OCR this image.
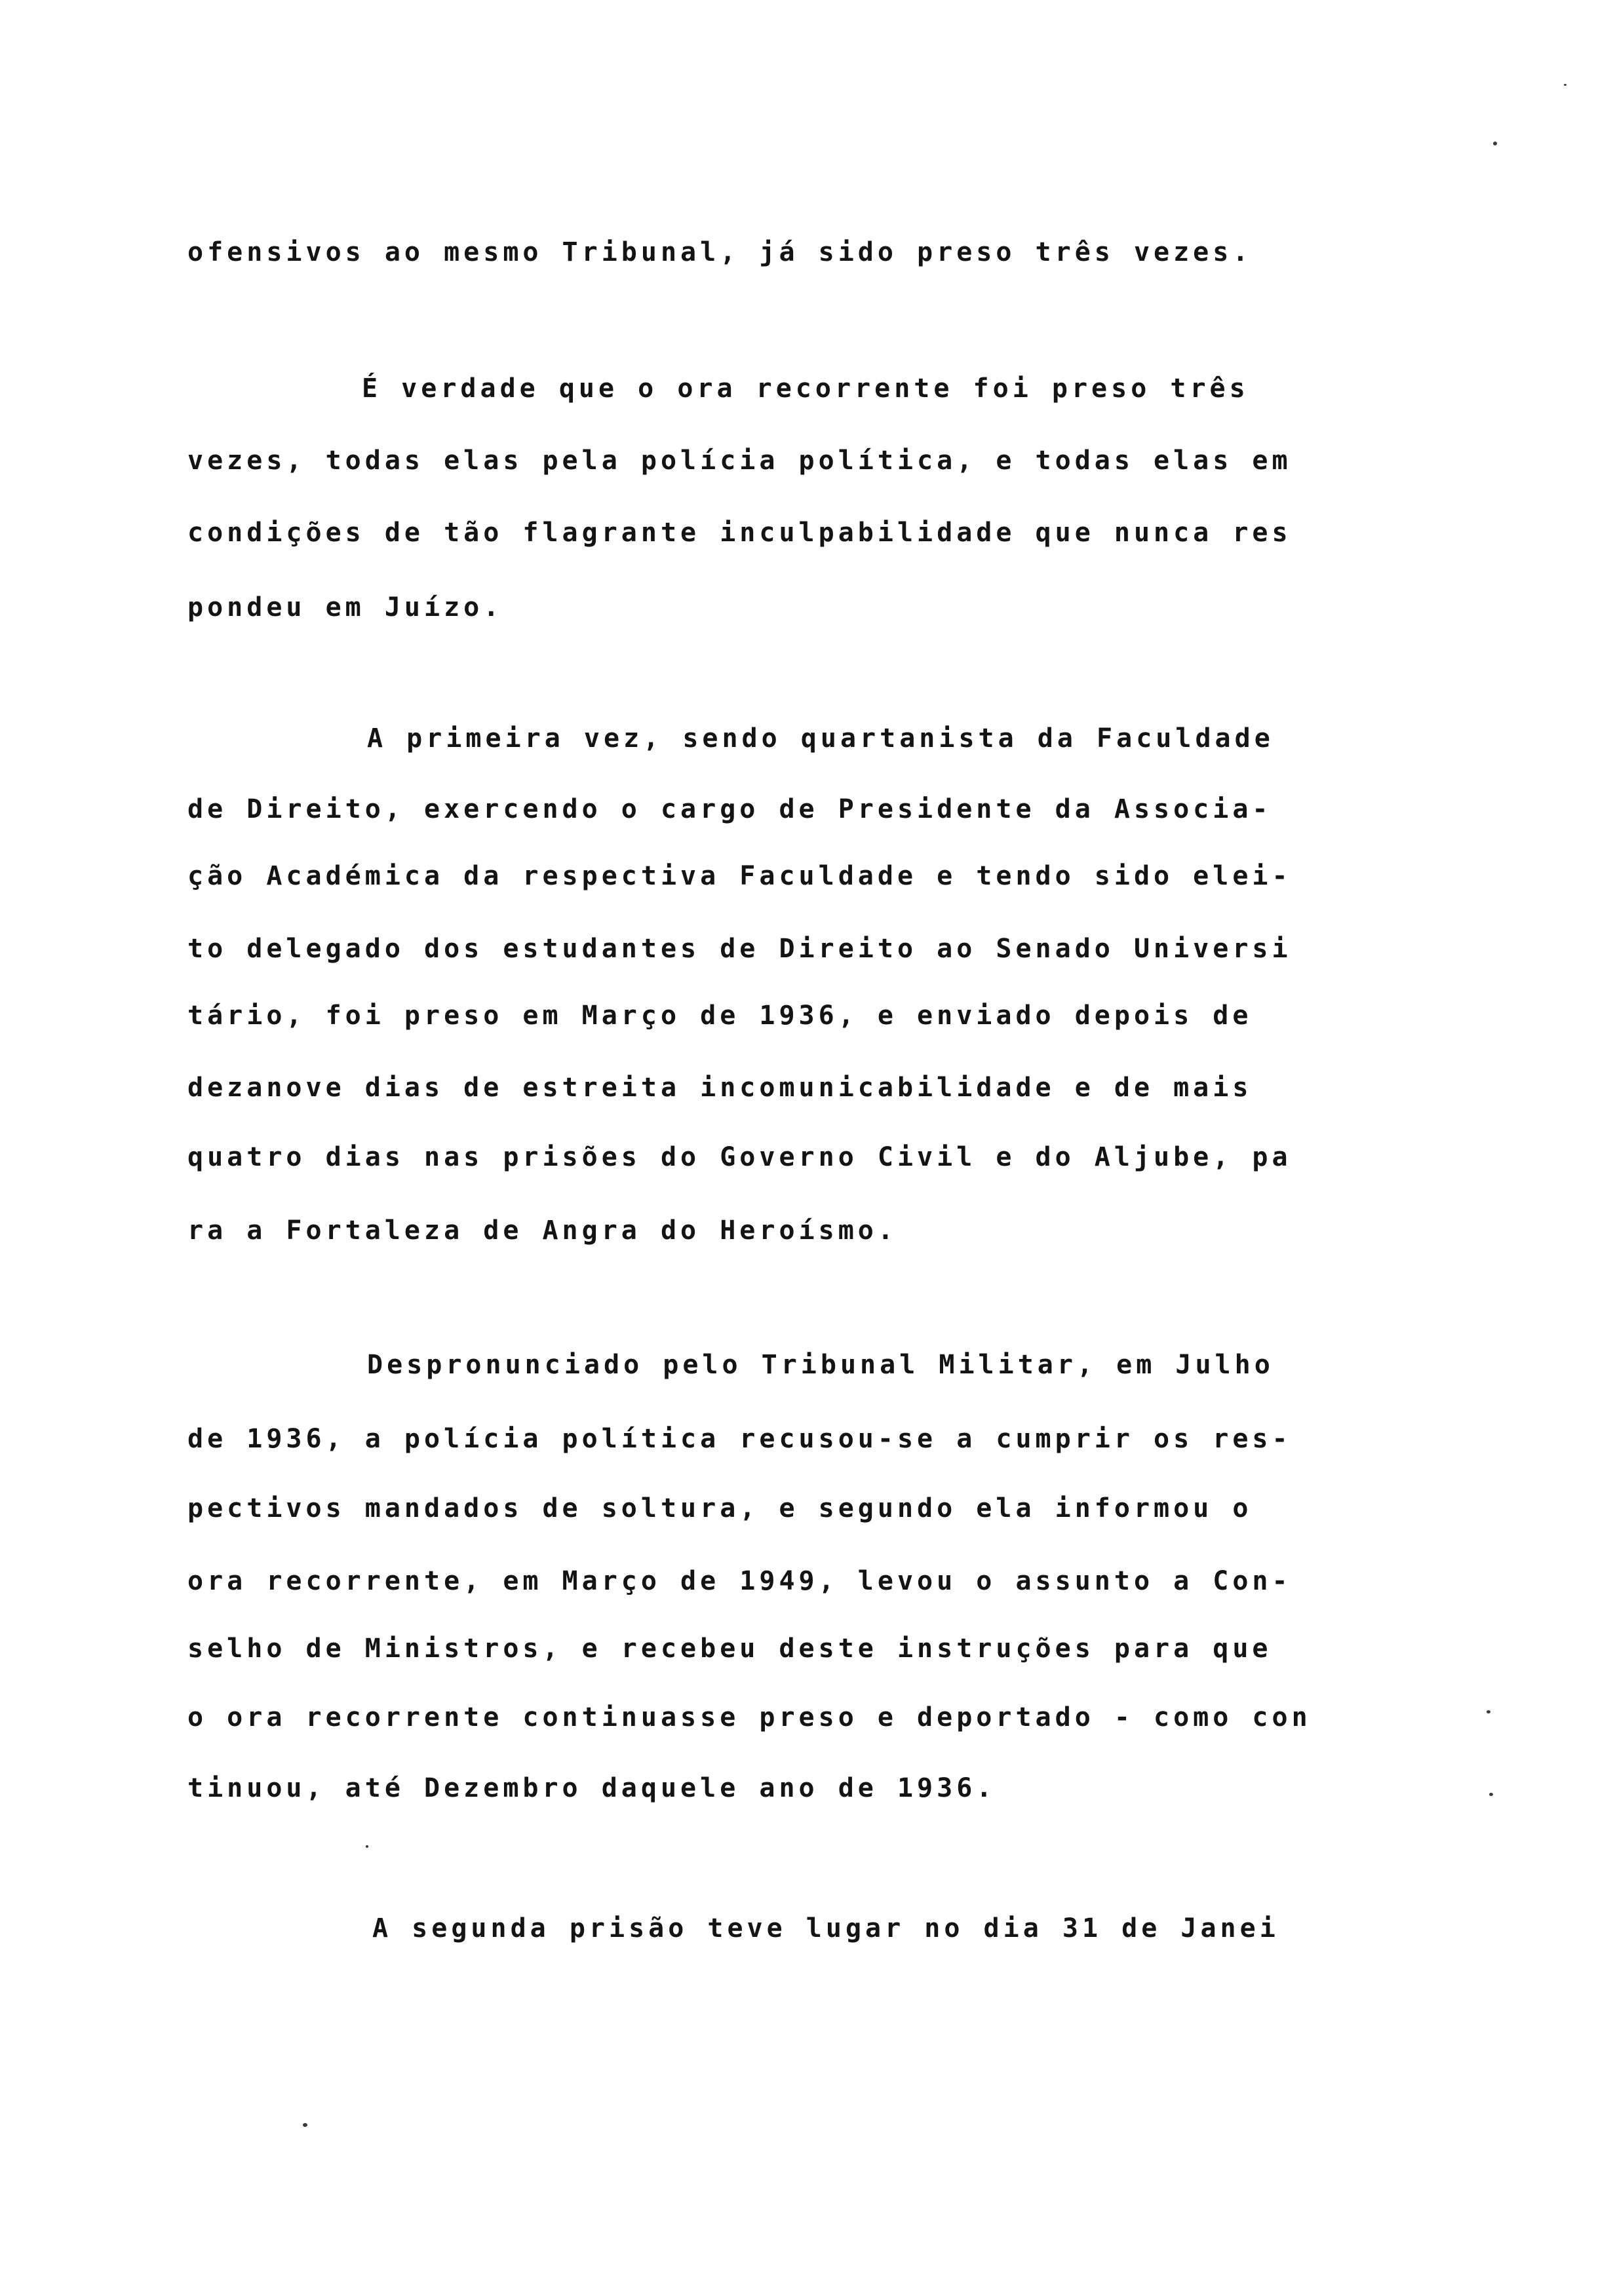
ofensivos ao mesmo Tribunal, já sido preso três vezes.
É verdade que o ora recorrente foi preso três
vezes, todas elas pela polícia política, e todas elas em
condições de tão flagrante inculpabilidade que nunca res
pondeu em Juízo.
A primeira vez, sendo quartanista da Faculdade
de Direito, exercendo o cargo de Presidente da Associa-
ção Académica da respectiva Faculdade e tendo sido elei-
to delegado dos estudantes de Direito ao Senado Universi
tário, foi preso em Março de 1936, e enviado depois de
dezanove dias de estreita incomunicabilidade e de mais
quatro dias nas prisões do Governo Civil e do Aljube, pa
ra a Fortaleza de Angra do Heroísmo.
Despronunciado pelo Tribunal Militar, em Julho
de 1936, a polícia política recusou-se a cumprir os res-
pectivos mandados de soltura, e segundo ela informou o
ora recorrente, em Março de 1949, levou o assunto a Con-
selho de Ministros, e recebeu deste instruções para que
o ora recorrente continuasse preso e deportado - como con
tinuou, até Dezembro daquele ano de 1936.
A segunda prisão teve lugar no dia 31 de Janei
